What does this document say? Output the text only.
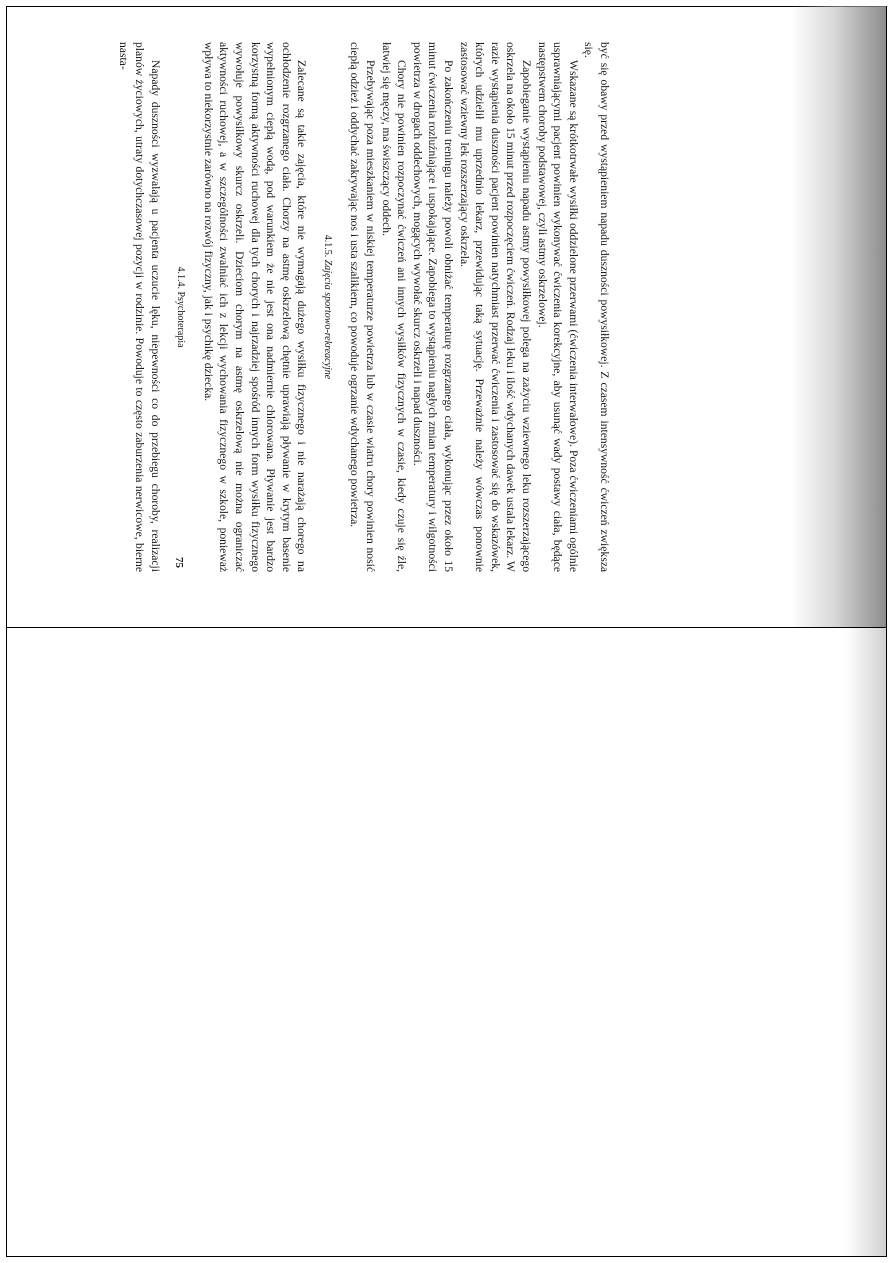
być się obawy przed wystąpieniem napadu duszności powysiłkowej. Z czasem intensywność ćwiczeń zwiększa się.

Wskazane są krótkotrwałe wysiłki oddzielone przerwami (ćwiczenia interwałowe). Poza ćwiczeniami ogólnie usprawniającymi pacjent powinien wykonywać ćwiczenia korekcyjne, aby usunąć wady postawy ciała, będące następstwem choroby podstawowej, czyli astmy oskrzelowej.

Zapobieganie wystąpieniu napadu astmy powysiłkowej polega na zażyciu wziewnego leku rozszerzającego oskrzela na około 15 minut przed rozpoczęciem ćwiczeń. Rodzaj leku i ilość wdychanych dawek ustala lekarz. W razie wystąpienia duszności pacjent powinien natychmiast przerwać ćwiczenia i zastosować się do wskazówek, których udzielił mu uprzednio lekarz, przewidując taką sytuację. Przeważnie należy wówczas ponownie zastosować wziewny lek rozszerzający oskrzela.

Po zakończeniu treningu należy powoli obniżać temperaturę rozgrzanego ciała, wykonując przez około 15 minut ćwiczenia rozluźniające i uspokajające. Zapobiega to wystąpieniu nagłych zmian temperatury i wilgotności powietrza w drogach oddechowych, mogących wywołać skurcz oskrzeli i napad duszności.

Chory nie powinien rozpoczynać ćwiczeń ani innych wysiłków fizycznych w czasie, kiedy czuje się źle, łatwiej się męczy, ma świszczący oddech.

Przebywając poza mieszkaniem w niskiej temperaturze powietrza lub w czasie wiatru chory powinien nosić ciepłą odzież i oddychać zakrywając nos i usta szalikiem, co powoduje ogrzanie wdychanego powietrza.

4.1.5. Zajęcia sportowo-rekreacyjne

Zalecane są takie zajęcia, które nie wymagają dużego wysiłku fizycznego i nie narażają chorego na ochłodzenie rozgrzanego ciała. Chorzy na astmę oskrzelową chętnie uprawiają pływanie w krytym basenie wypełnionym ciepłą wodą, pod warunkiem że nie jest ona nadmiernie chlorowana. Pływanie jest bardzo korzystną formą aktywności ruchowej dla tych chorych i najrzadziej spośród innych form wysiłku fizycznego wywołuje powysiłkowy skurcz oskrzeli. Dzieciom chorym na astmę oskrzelową nie można ograniczać aktywności ruchowej, a w szczególności zwalniać ich z lekcji wychowania fizycznego w szkole, ponieważ wpływa to niekorzystnie zarówno na rozwój fizyczny, jak i psychikę dziecka.

4.1.4. Psychoterapia

Napady duszności wyzwalają u pacjenta uczucie lęku, niepewności co do przebiegu choroby, realizacji planów życiowych, utraty dotychczasowej pozycji w rodzinie. Powoduje to często zaburzenia nerwicowe, bierne nasta-

75
